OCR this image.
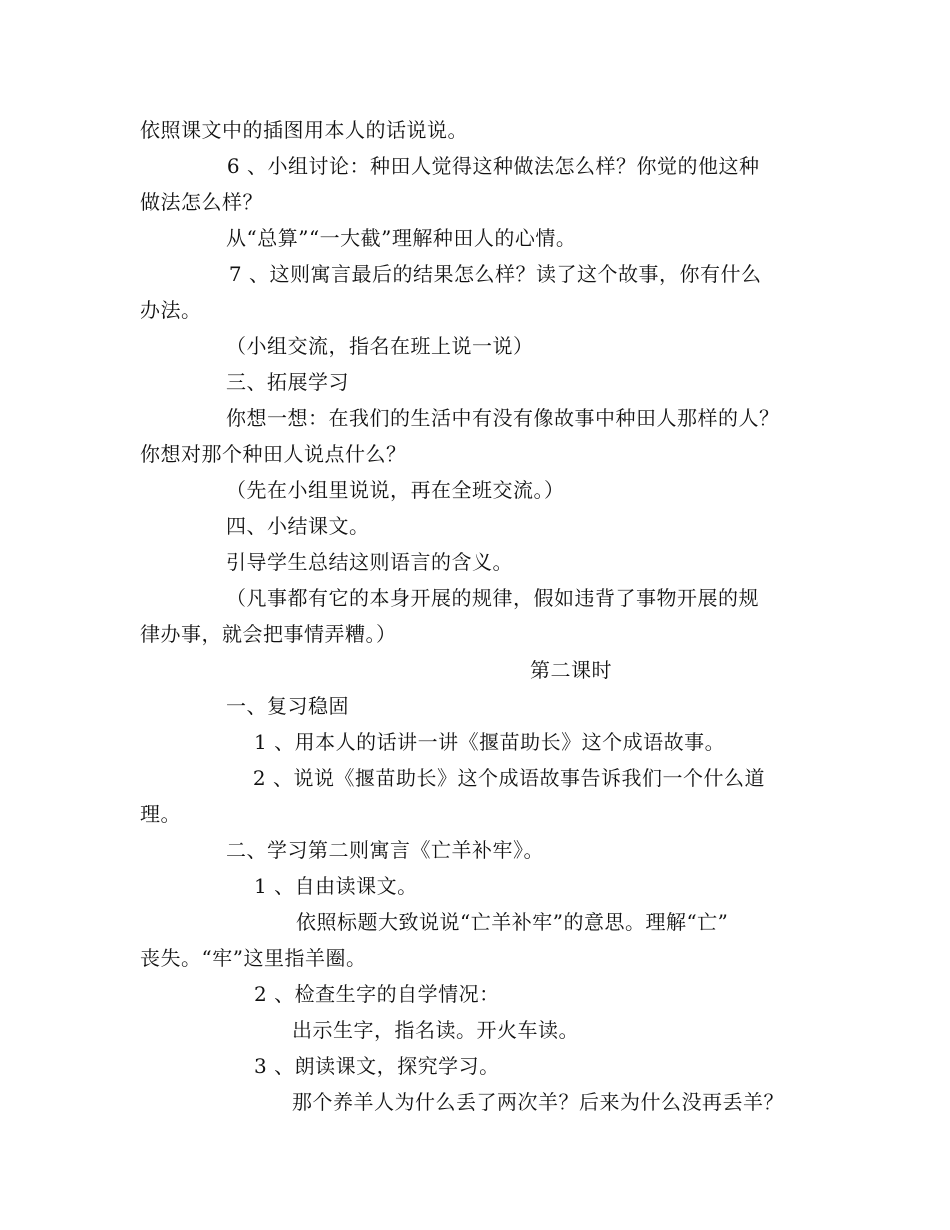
依照课文中的插图用本人的话说说。
6 、小组讨论：种田人觉得这种做法怎么样？你觉的他这种
做法怎么样？
从“总算”“一大截”理解种田人的心情。
7 、这则寓言最后的结果怎么样？读了这个故事，你有什么
办法。
（小组交流，指名在班上说一说）
三、拓展学习
你想一想：在我们的生活中有没有像故事中种田人那样的人？
你想对那个种田人说点什么？
（先在小组里说说，再在全班交流。）
四、小结课文。
引导学生总结这则语言的含义。
（凡事都有它的本身开展的规律，假如违背了事物开展的规
律办事，就会把事情弄糟。）
第二课时
一、复习稳固
1 、用本人的话讲一讲《揠苗助长》这个成语故事。
2 、说说《揠苗助长》这个成语故事告诉我们一个什么道
理。
二、学习第二则寓言《亡羊补牢》。
1 、自由读课文。
依照标题大致说说“亡羊补牢”的意思。理解“亡”
丧失。“牢”这里指羊圈。
2 、检查生字的自学情况：
出示生字，指名读。开火车读。
3 、朗读课文，探究学习。
那个养羊人为什么丢了两次羊？后来为什么没再丢羊？
